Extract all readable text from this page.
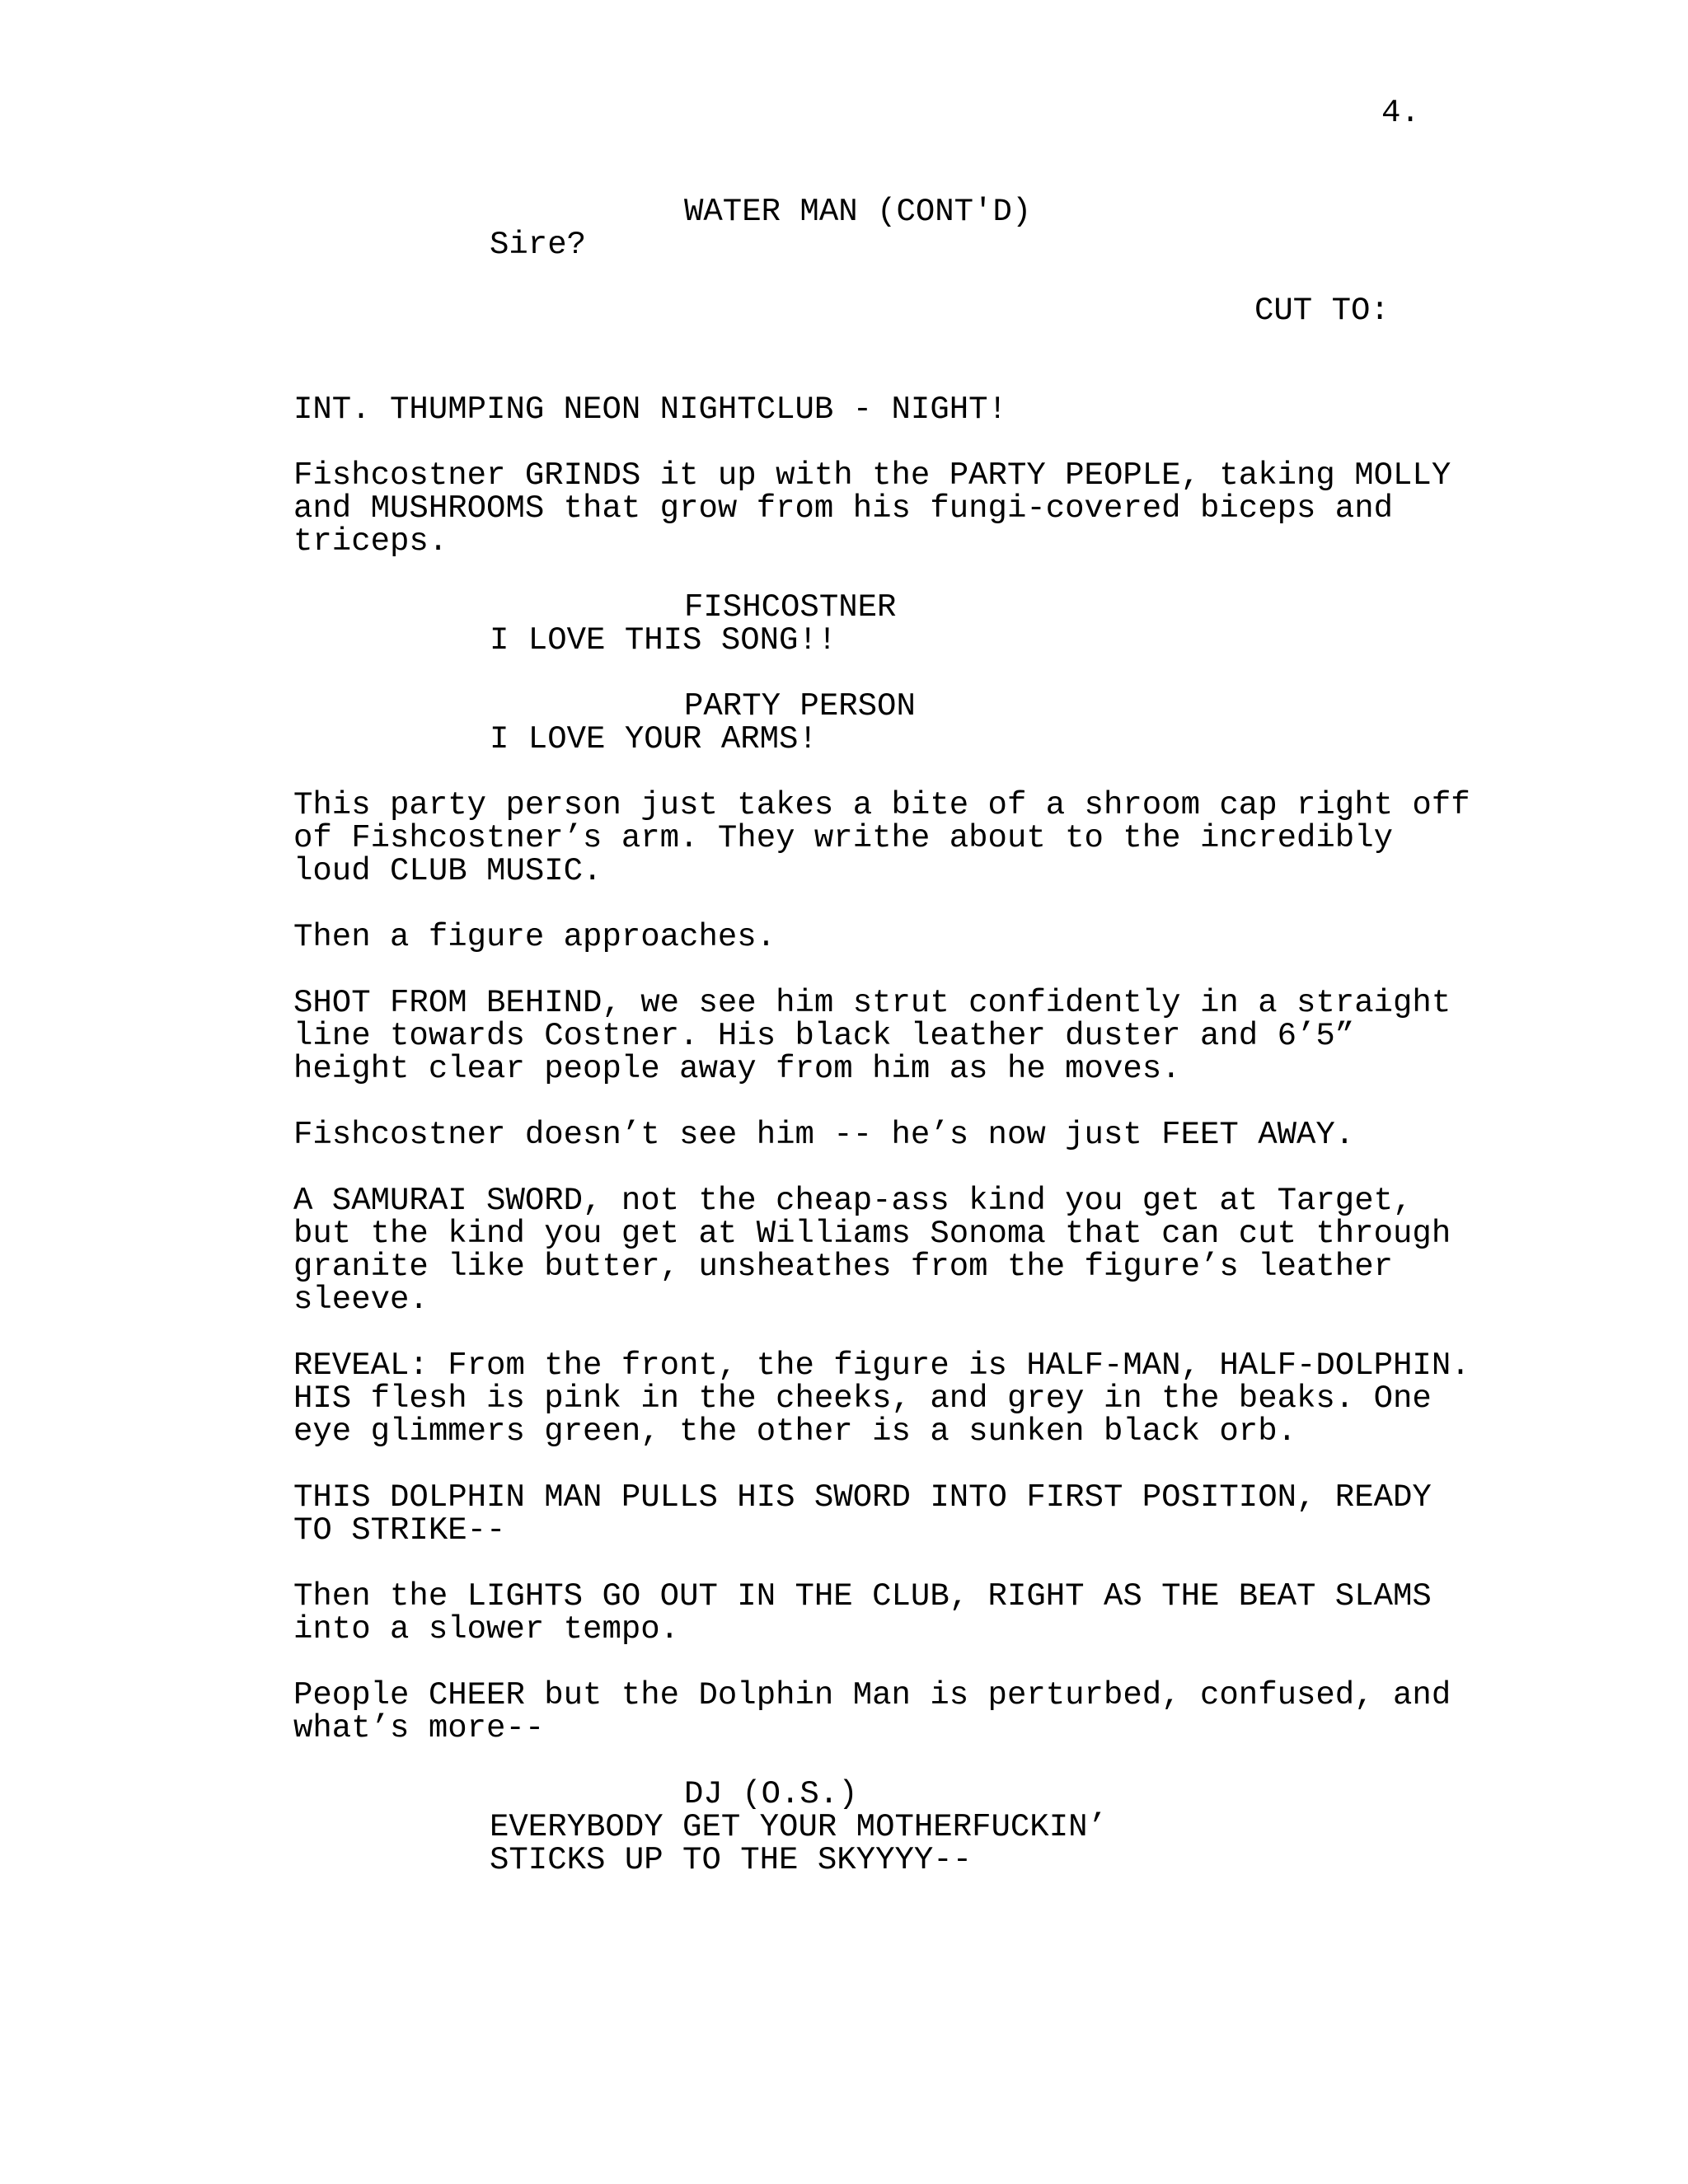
4.
WATER MAN (CONT'D)
Sire?
CUT TO:
INT. THUMPING NEON NIGHTCLUB - NIGHT!
Fishcostner GRINDS it up with the PARTY PEOPLE, taking MOLLY
and MUSHROOMS that grow from his fungi-covered biceps and
triceps.
FISHCOSTNER
I LOVE THIS SONG!!
PARTY PERSON
I LOVE YOUR ARMS!
This party person just takes a bite of a shroom cap right off
of Fishcostner’s arm. They writhe about to the incredibly
loud CLUB MUSIC.
Then a figure approaches.
SHOT FROM BEHIND, we see him strut confidently in a straight
line towards Costner. His black leather duster and 6’5”
height clear people away from him as he moves.
Fishcostner doesn’t see him -- he’s now just FEET AWAY.
A SAMURAI SWORD, not the cheap-ass kind you get at Target,
but the kind you get at Williams Sonoma that can cut through
granite like butter, unsheathes from the figure’s leather
sleeve.
REVEAL: From the front, the figure is HALF-MAN, HALF-DOLPHIN.
HIS flesh is pink in the cheeks, and grey in the beaks. One
eye glimmers green, the other is a sunken black orb.
THIS DOLPHIN MAN PULLS HIS SWORD INTO FIRST POSITION, READY
TO STRIKE--
Then the LIGHTS GO OUT IN THE CLUB, RIGHT AS THE BEAT SLAMS
into a slower tempo.
People CHEER but the Dolphin Man is perturbed, confused, and
what’s more--
DJ (O.S.)
EVERYBODY GET YOUR MOTHERFUCKIN’
STICKS UP TO THE SKYYYY--
